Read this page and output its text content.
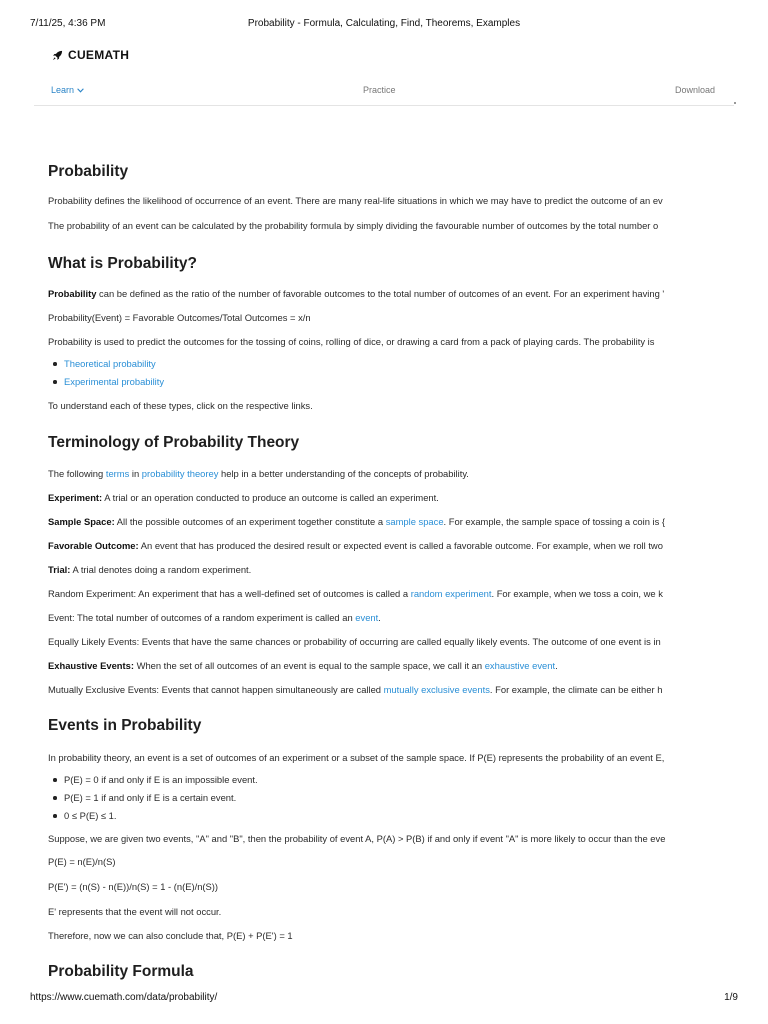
7/11/25, 4:36 PM	Probability - Formula, Calculating, Find, Theorems, Examples
CUEMATH
Learn	Practice	Download
Probability

Probability defines the likelihood of occurrence of an event. There are many real-life situations in which we may have to predict the outcome of an ev

The probability of an event can be calculated by the probability formula by simply dividing the favourable number of outcomes by the total number o

What is Probability?

Probability can be defined as the ratio of the number of favorable outcomes to the total number of outcomes of an event. For an experiment having '

Probability(Event) = Favorable Outcomes/Total Outcomes = x/n

Probability is used to predict the outcomes for the tossing of coins, rolling of dice, or drawing a card from a pack of playing cards. The probability is

Theoretical probability
Experimental probability

To understand each of these types, click on the respective links.

Terminology of Probability Theory

The following terms in probability theorey help in a better understanding of the concepts of probability.

Experiment: A trial or an operation conducted to produce an outcome is called an experiment.

Sample Space: All the possible outcomes of an experiment together constitute a sample space. For example, the sample space of tossing a coin is {

Favorable Outcome: An event that has produced the desired result or expected event is called a favorable outcome. For example, when we roll two

Trial: A trial denotes doing a random experiment.

Random Experiment: An experiment that has a well-defined set of outcomes is called a random experiment. For example, when we toss a coin, we k

Event: The total number of outcomes of a random experiment is called an event.

Equally Likely Events: Events that have the same chances or probability of occurring are called equally likely events. The outcome of one event is in

Exhaustive Events: When the set of all outcomes of an event is equal to the sample space, we call it an exhaustive event.

Mutually Exclusive Events: Events that cannot happen simultaneously are called mutually exclusive events. For example, the climate can be either h

Events in Probability

In probability theory, an event is a set of outcomes of an experiment or a subset of the sample space. If P(E) represents the probability of an event E,

P(E) = 0 if and only if E is an impossible event.
P(E) = 1 if and only if E is a certain event.
0 ≤ P(E) ≤ 1.

Suppose, we are given two events, "A" and "B", then the probability of event A, P(A) > P(B) if and only if event "A" is more likely to occur than the eve

P(E) = n(E)/n(S)

P(E') = (n(S) - n(E))/n(S) = 1 - (n(E)/n(S))

E' represents that the event will not occur.

Therefore, now we can also conclude that, P(E) + P(E') = 1

Probability Formula
https://www.cuemath.com/data/probability/	1/9
